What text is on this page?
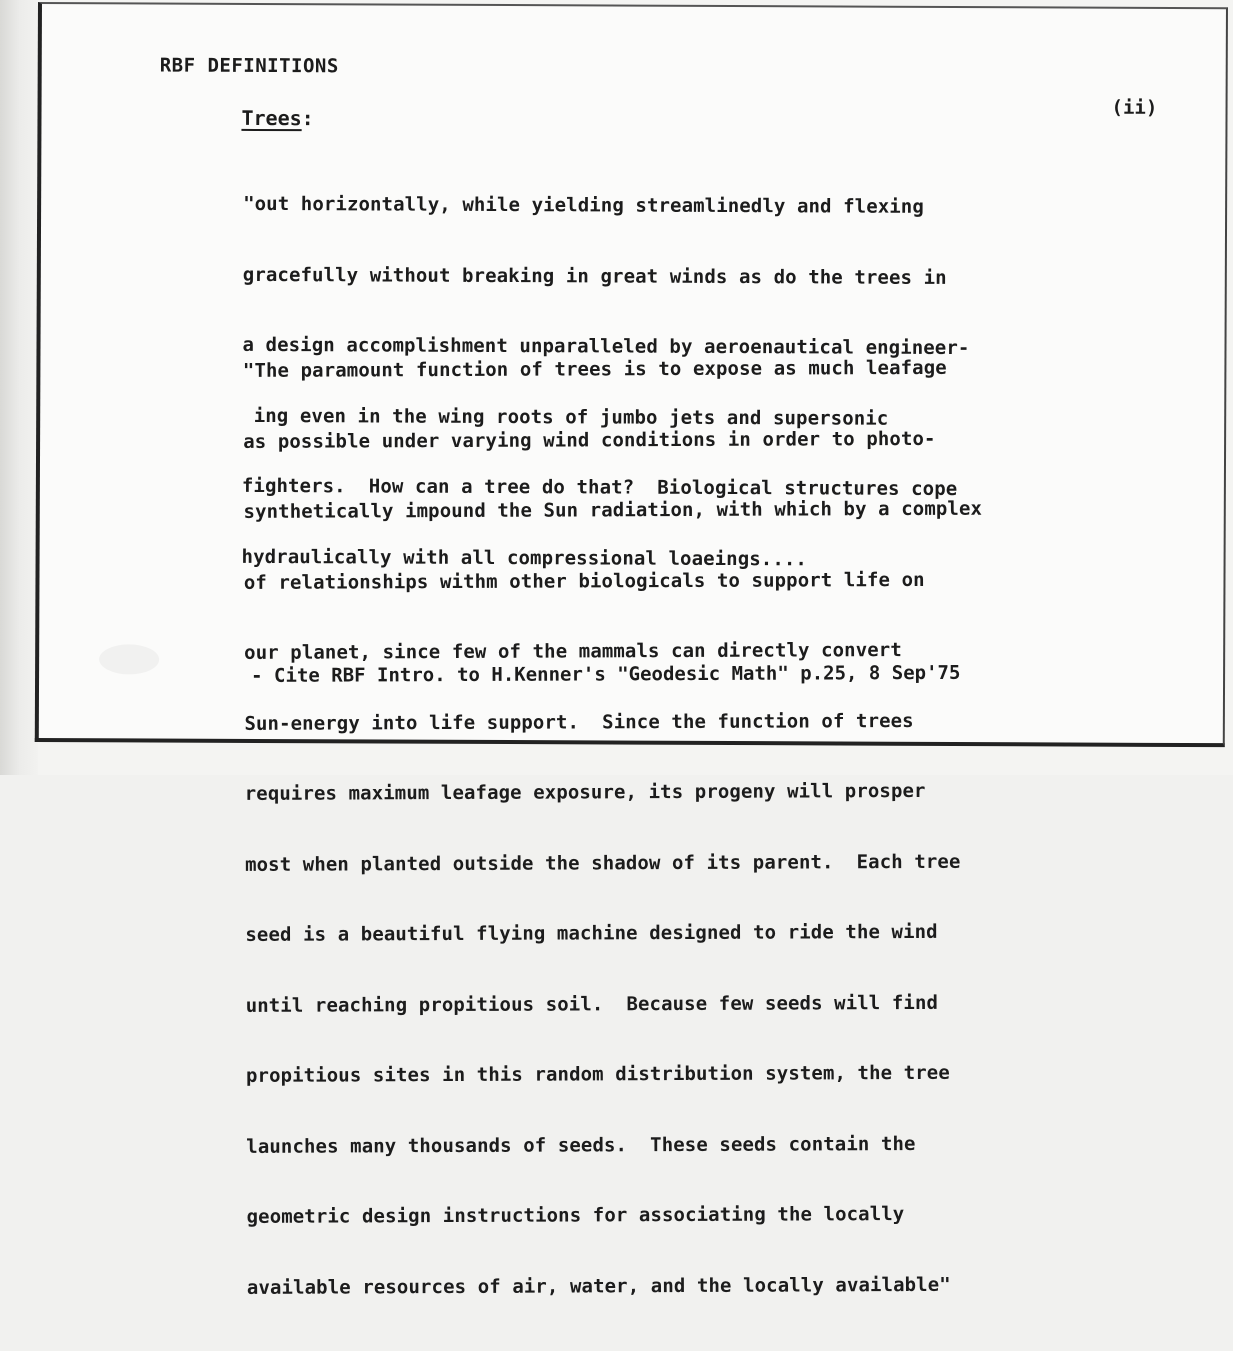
RBF DEFINITIONS
(ii)
Trees:

"out horizontally, while yielding streamlinedly and flexing

gracefully without breaking in great winds as do the trees in

a design accomplishment unparalleled by aeroenautical engineer-

ing even in the wing roots of jumbo jets and supersonic

fighters.  How can a tree do that?  Biological structures cope

hydraulically with all compressional loaeings....

"The paramount function of trees is to expose as much leafage

as possible under varying wind conditions in order to photo-

synthetically impound the Sun radiation, with which by a complex

of relationships withm other biologicals to support life on

our planet, since few of the mammals can directly convert

Sun-energy into life support.  Since the function of trees

requires maximum leafage exposure, its progeny will prosper

most when planted outside the shadow of its parent.  Each tree

seed is a beautiful flying machine designed to ride the wind

until reaching propitious soil.  Because few seeds will find

propitious sites in this random distribution system, the tree

launches many thousands of seeds.  These seeds contain the

geometric design instructions for associating the locally

available resources of air, water, and the locally available"

- Cite RBF Intro. to H.Kenner's "Geodesic Math" p.25, 8 Sep'75
